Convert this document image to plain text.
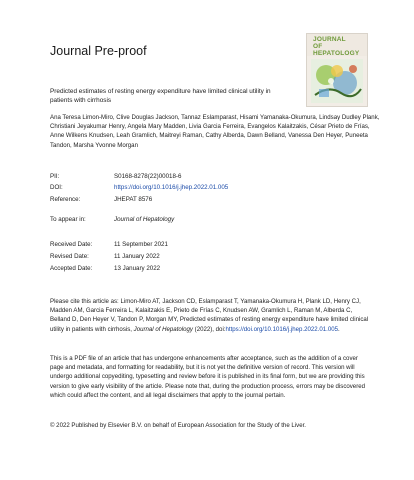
Journal Pre-proof
JOURNAL
OF HEPATOLOGY
Predicted estimates of resting energy expenditure have limited clinical utility in patients with cirrhosis
Ana Teresa Limon-Miro, Clive Douglas Jackson, Tannaz Eslamparast, Hisami Yamanaka-Okumura, Lindsay Dudley Plank, Christiani Jeyakumar Henry, Angela Mary Madden, Livia Garcia Ferreira, Evangelos Kalaitzakis, César Prieto de Frías, Anne Wilkens Knudsen, Leah Gramlich, Maitreyi Raman, Cathy Alberda, Dawn Belland, Vanessa Den Heyer, Puneeta Tandon, Marsha Yvonne Morgan
PII:	S0168-8278(22)00018-6
DOI:	https://doi.org/10.1016/j.jhep.2022.01.005
Reference:	JHEPAT 8576
To appear in:	Journal of Hepatology
Received Date:	11 September 2021
Revised Date:	11 January 2022
Accepted Date:	13 January 2022
Please cite this article as: Limon-Miro AT, Jackson CD, Eslamparast T, Yamanaka-Okumura H, Plank LD, Henry CJ, Madden AM, Garcia Ferreira L, Kalaitzakis E, Prieto de Frías C, Knudsen AW, Gramlich L, Raman M, Alberda C, Belland D, Den Heyer V, Tandon P, Morgan MY, Predicted estimates of resting energy expenditure have limited clinical utility in patients with cirrhosis, Journal of Hepatology (2022), doi:https://doi.org/10.1016/j.jhep.2022.01.005.
This is a PDF file of an article that has undergone enhancements after acceptance, such as the addition of a cover page and metadata, and formatting for readability, but it is not yet the definitive version of record. This version will undergo additional copyediting, typesetting and review before it is published in its final form, but we are providing this version to give early visibility of the article. Please note that, during the production process, errors may be discovered which could affect the content, and all legal disclaimers that apply to the journal pertain.
© 2022 Published by Elsevier B.V. on behalf of European Association for the Study of the Liver.
